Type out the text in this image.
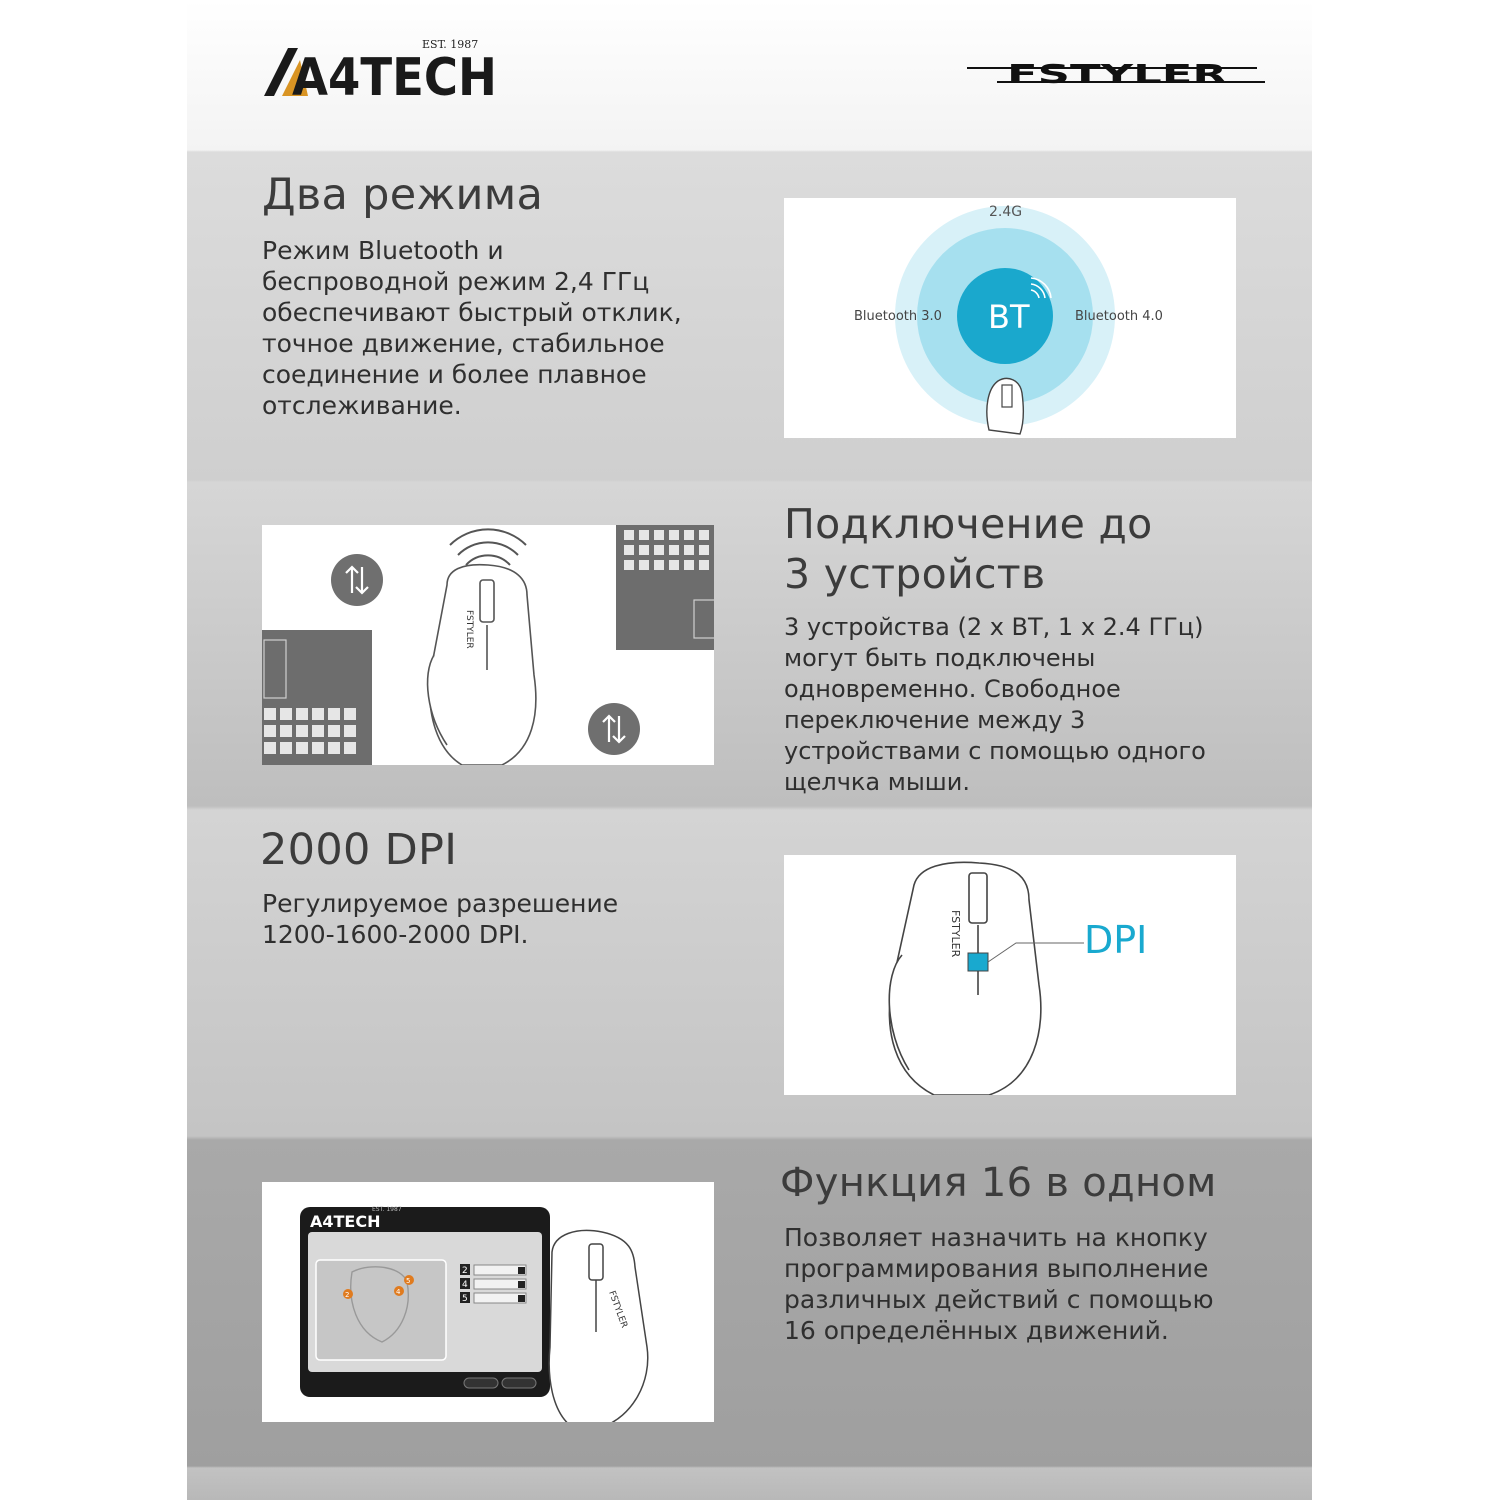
A4TECH
EST. 1987
FSTYLER
Два режима

Режим Bluetooth и
беспроводной режим 2,4 ГГц
обеспечивают быстрый отклик,
точное движение, стабильное
соединение и более плавное
отслеживание.

2.4G
Bluetooth 3.0 BT	Bluetooth 4.0
FSTYLER
Подключение до
3 устройств

3 устройства (2 x BT, 1 x 2.4 ГГц)
могут быть подключены
одновременно. Свободное
переключение между 3
устройствами с помощью одного
щелчка мыши.

2000 DPI

Регулируемое разрешение
1200-1600-2000 DPI.	FSTYLER	DPI
2
4
5
2	4
5
FSTYLER
A4TECH
EST. 1987
Функция 16 в одном

Позволяет назначить на кнопку
программирования выполнение
различных действий с помощью
16 определённых движений.
